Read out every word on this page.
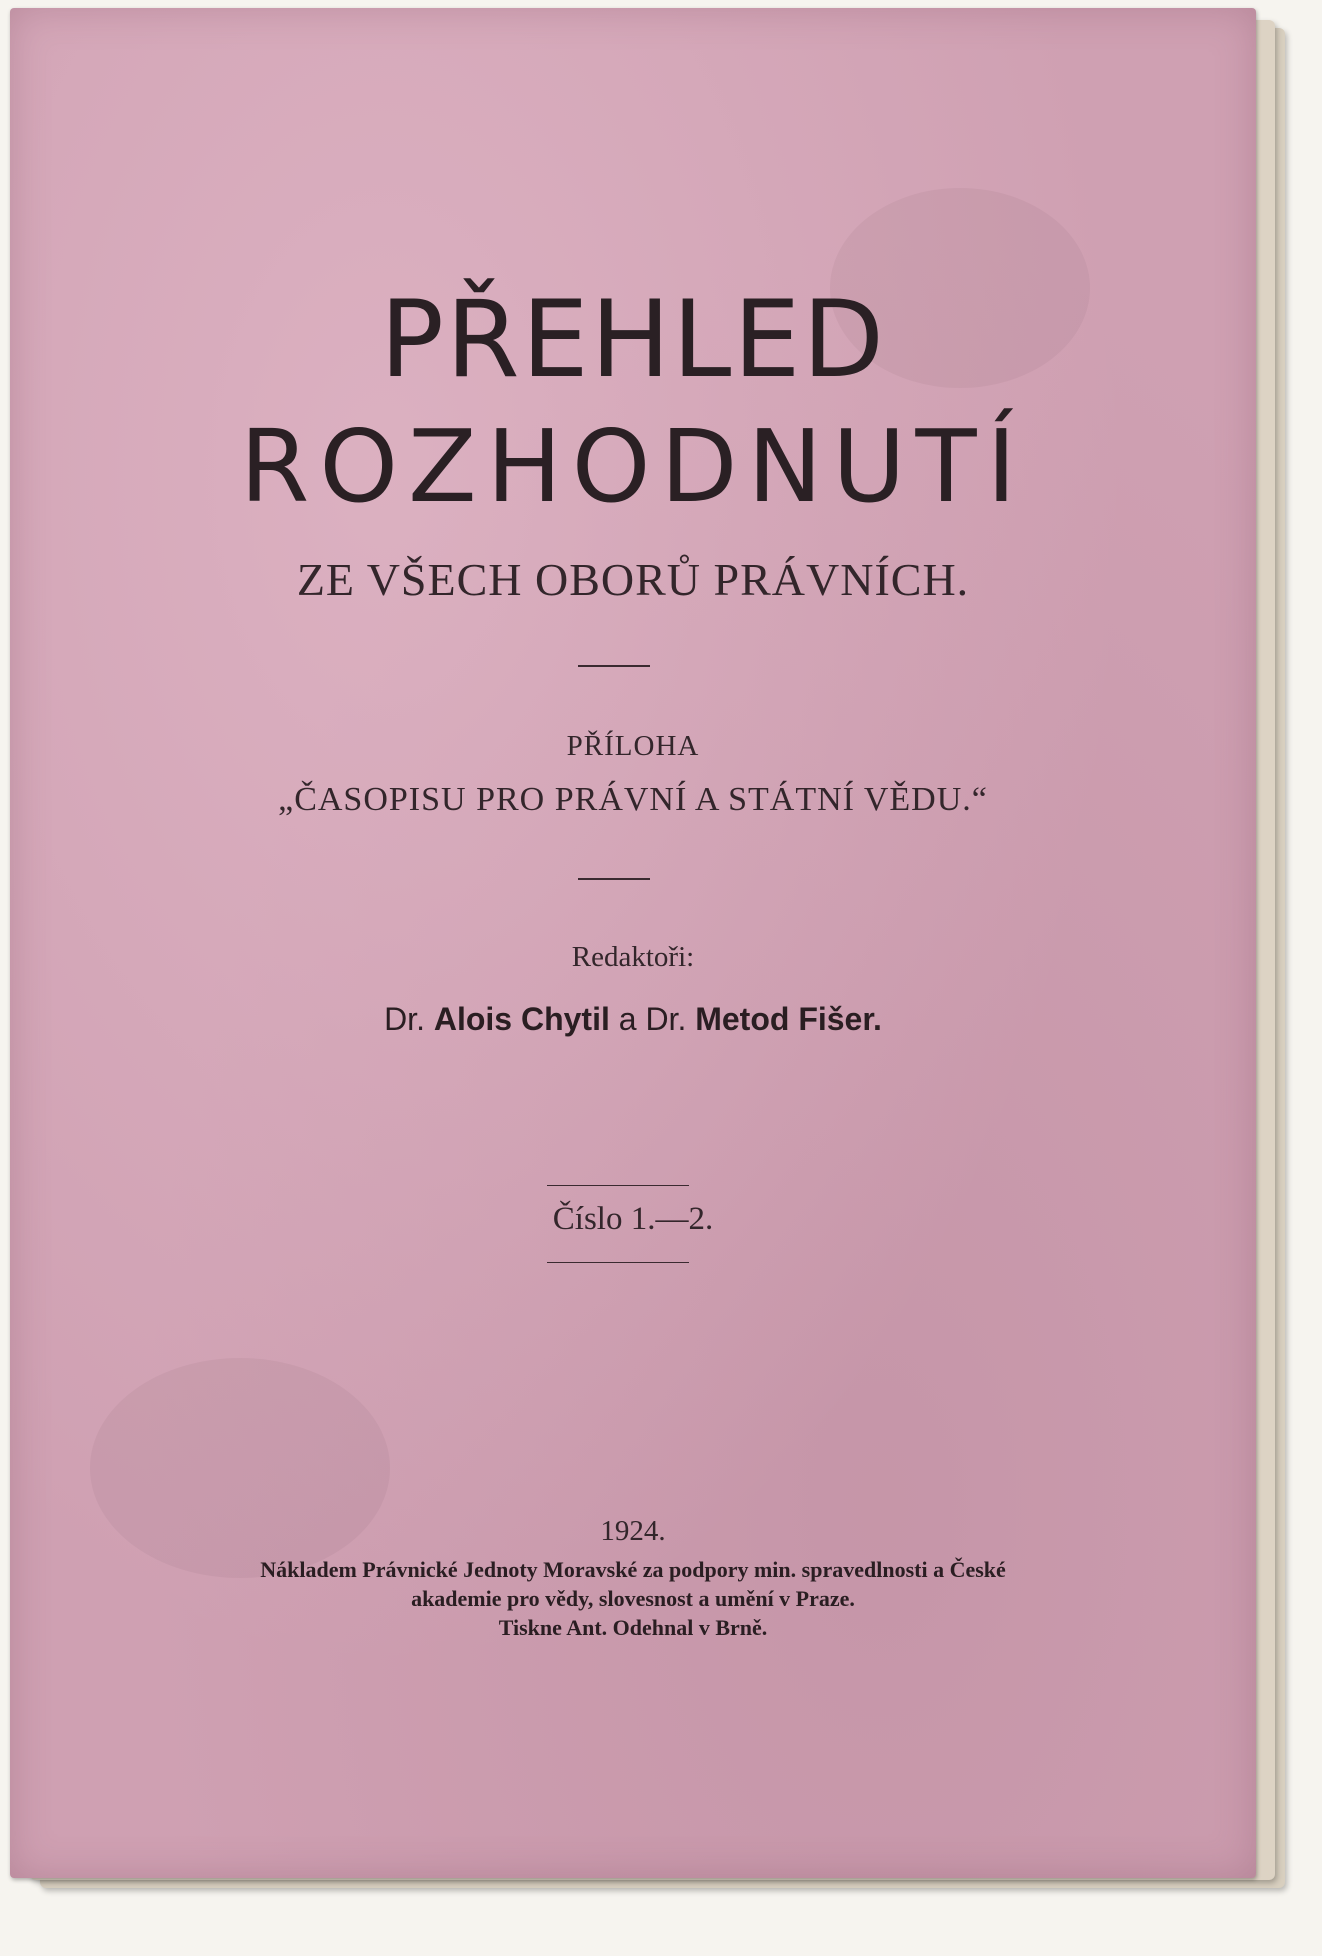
PŘEHLED
ROZHODNUTÍ
ZE VŠECH OBORŮ PRÁVNÍCH.
PŘÍLOHA
„ČASOPISU PRO PRÁVNÍ A STÁTNÍ VĚDU.“
Redaktoři:
Dr. Alois Chytil a Dr. Metod Fišer.
Číslo 1.—2.
1924.
Nákladem Právnické Jednoty Moravské za podpory min. spravedlnosti a České
akademie pro vědy, slovesnost a umění v Praze.
Tiskne Ant. Odehnal v Brně.
